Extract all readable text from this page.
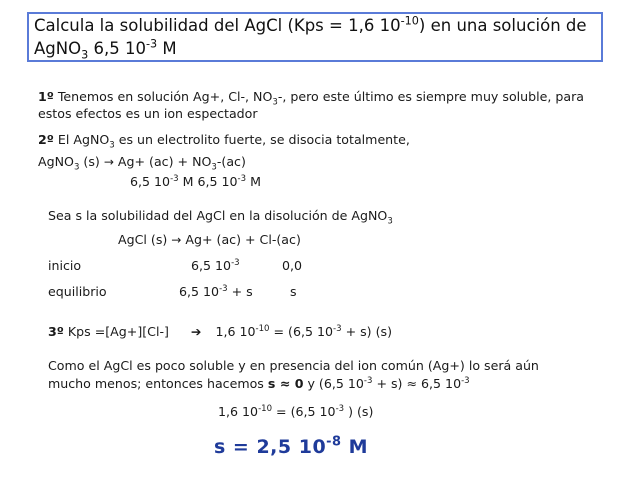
Calcula la solubilidad del AgCl (Kps = 1,6 $10^{-10}$) en una solución de
AgNO$_3$ 6,5 $10^{-3}$ M
1º Tenemos en solución Ag+, Cl-, $NO_3-$, pero este último es siempre muy soluble, para
estos efectos es un ion espectador
2º El AgNO$_3$ es un electrolito fuerte, se disocia totalmente,
AgNO$_3$ $(s) \to Ag+ (ac) + NO_3-(ac)$
6,5 $10^{-3}$ M 6,5 $10^{-3}$ M
Sea s la solubilidad del AgCl en la disolución de AgNO$_3$
AgCl (s) → Ag+ (ac) + Cl-(ac)
inicio	6,5 $10^{-3}$	0,0
equilibrio	6,5 $10^{-3} + s$	s
3º Kps =[Ag+][Cl-] ➔ 1,6 $10^{-10} = (6,5$ $10^{-3} + s$) (s)
Como el AgCl es poco soluble y en presencia del ion común (Ag+) lo será aún
mucho menos; entonces hacemos s ≈ 0 y (6,5 $10^{-3} + s) \approx 6,5$ $10^{-3}$
1,6 $10^{-10} = (6,5$ $10^{-3}$ ) (s)
s = 2,5 $10^{-8}$ M
